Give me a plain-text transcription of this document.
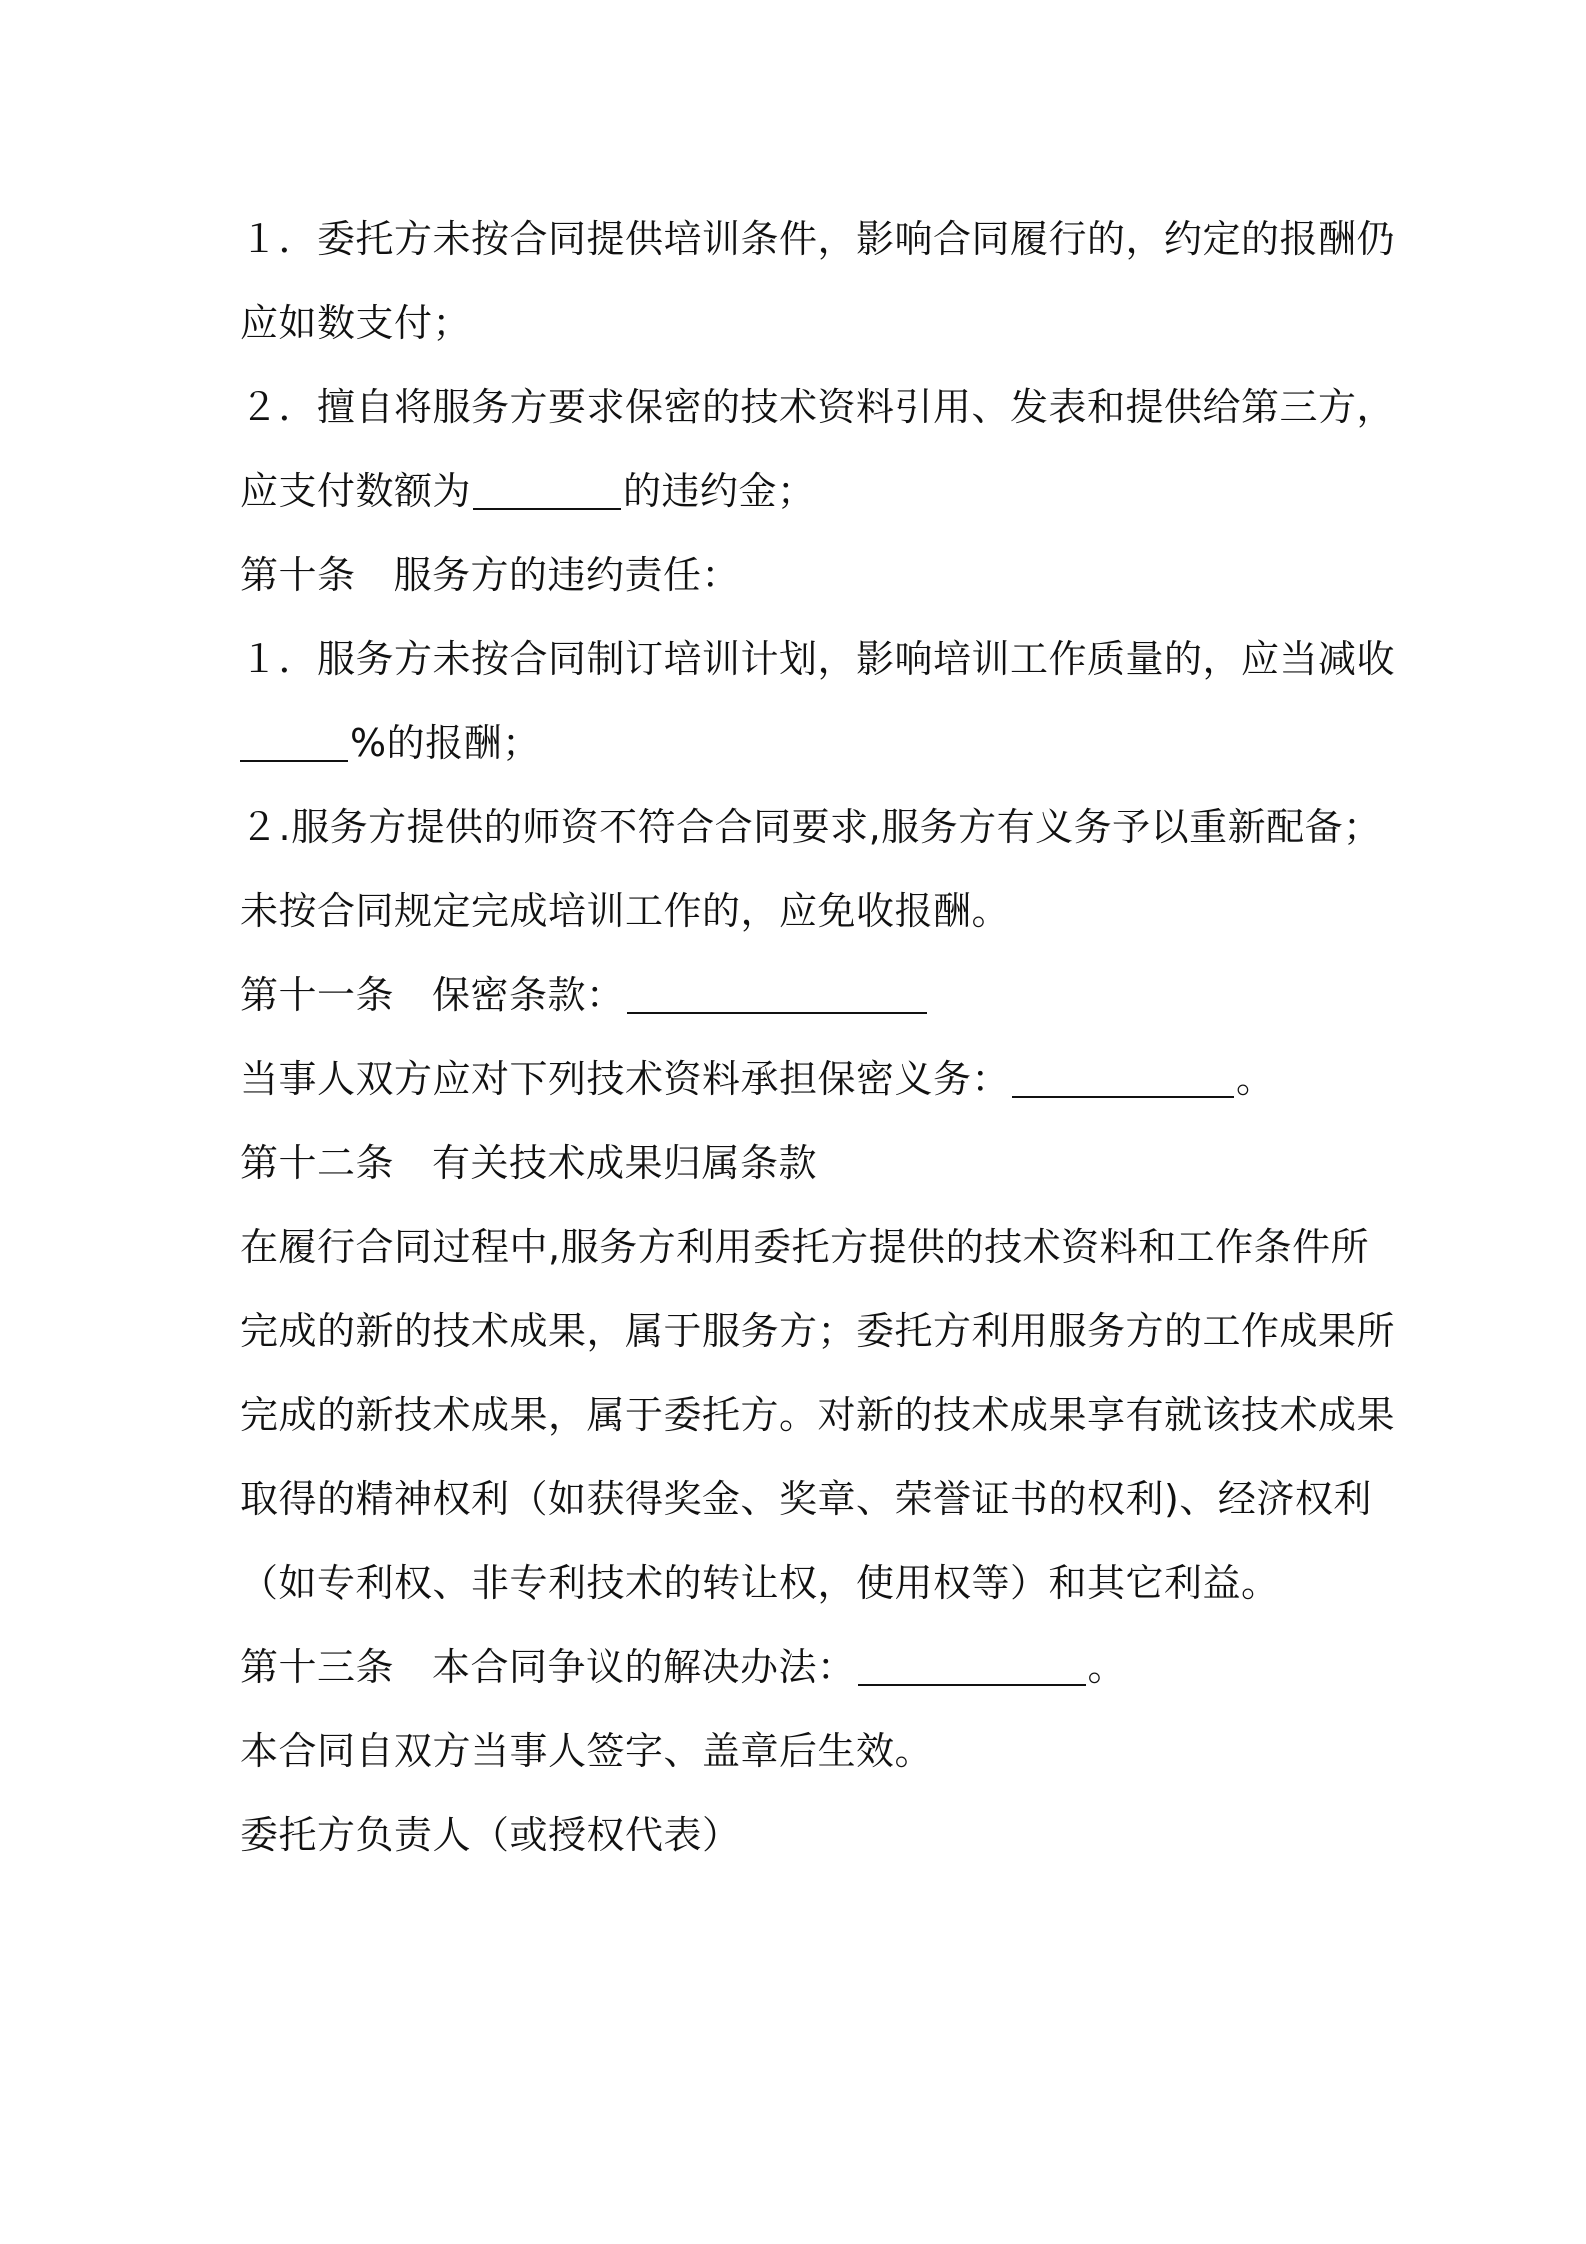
１．委托方未按合同提供培训条件，影响合同履行的，约定的报酬仍
应如数支付；
２．擅自将服务方要求保密的技术资料引用、发表和提供给第三方，
应支付数额为	的违约金；
第十条 服务方的违约责任：
１．服务方未按合同制订培训计划，影响培训工作质量的，应当减收
%的报酬；
２.服务方提供的师资不符合合同要求,服务方有义务予以重新配备；
未按合同规定完成培训工作的，应免收报酬。
第十一条 保密条款：
当事人双方应对下列技术资料承担保密义务：	。
第十二条 有关技术成果归属条款
在履行合同过程中,服务方利用委托方提供的技术资料和工作条件所
完成的新的技术成果，属于服务方；委托方利用服务方的工作成果所
完成的新技术成果，属于委托方。对新的技术成果享有就该技术成果
取得的精神权利（如获得奖金、奖章、荣誉证书的权利)、经济权利
（如专利权、非专利技术的转让权，使用权等）和其它利益。
第十三条 本合同争议的解决办法：	。
本合同自双方当事人签字、盖章后生效。
委托方负责人（或授权代表）
